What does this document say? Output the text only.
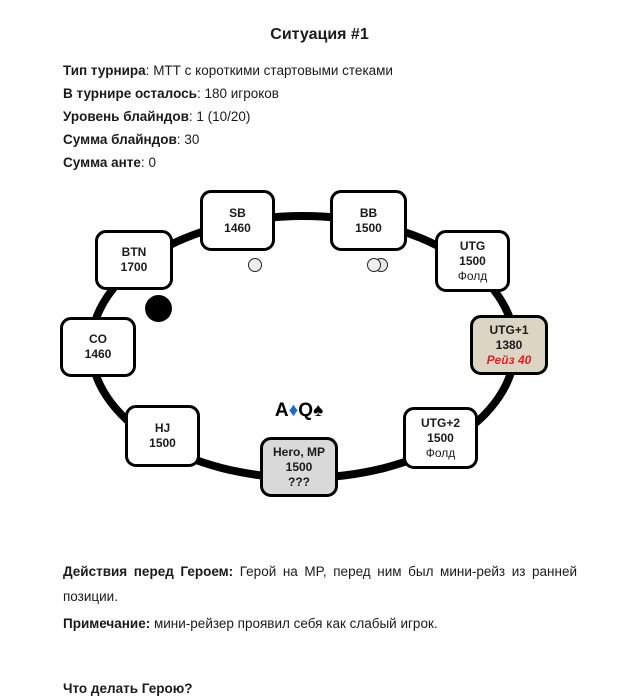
Ситуация #1
Тип турнира: МТТ с короткими стартовыми стеками
В турнире осталось: 180 игроков
Уровень блайндов: 1 (10/20)
Сумма блайндов: 30
Сумма анте: 0
SB
1460
BB
1500
UTG
1500
Фолд
UTG+1
1380
Рейз 40
UTG+2
1500
Фолд
Hero, MP
1500
???
HJ
1500
CO
1460
BTN
1700
A♦Q♠

Действия перед Героем: Герой на MP, перед ним был мини-рейз из ранней позиции.

Примечание: мини-рейзер проявил себя как слабый игрок.

Что делать Герою?
